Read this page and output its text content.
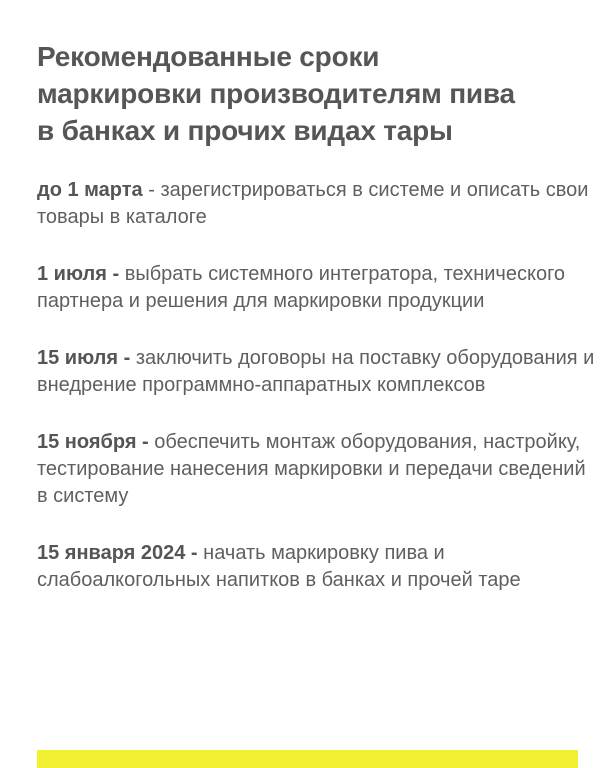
Рекомендованные сроки
маркировки производителям пива
в банках и прочих видах тары

до 1 марта - зарегистрироваться в системе и описать свои товары в каталоге

1 июля - выбрать системного интегратора, технического партнера и решения для маркировки продукции

15 июля - заключить договоры на поставку оборудования и внедрение программно-аппаратных комплексов

15 ноября - обеспечить монтаж оборудования, настройку, тестирование нанесения маркировки и передачи сведений в систему

15 января 2024 - начать маркировку пива и слабоалкогольных напитков в банках и прочей таре
